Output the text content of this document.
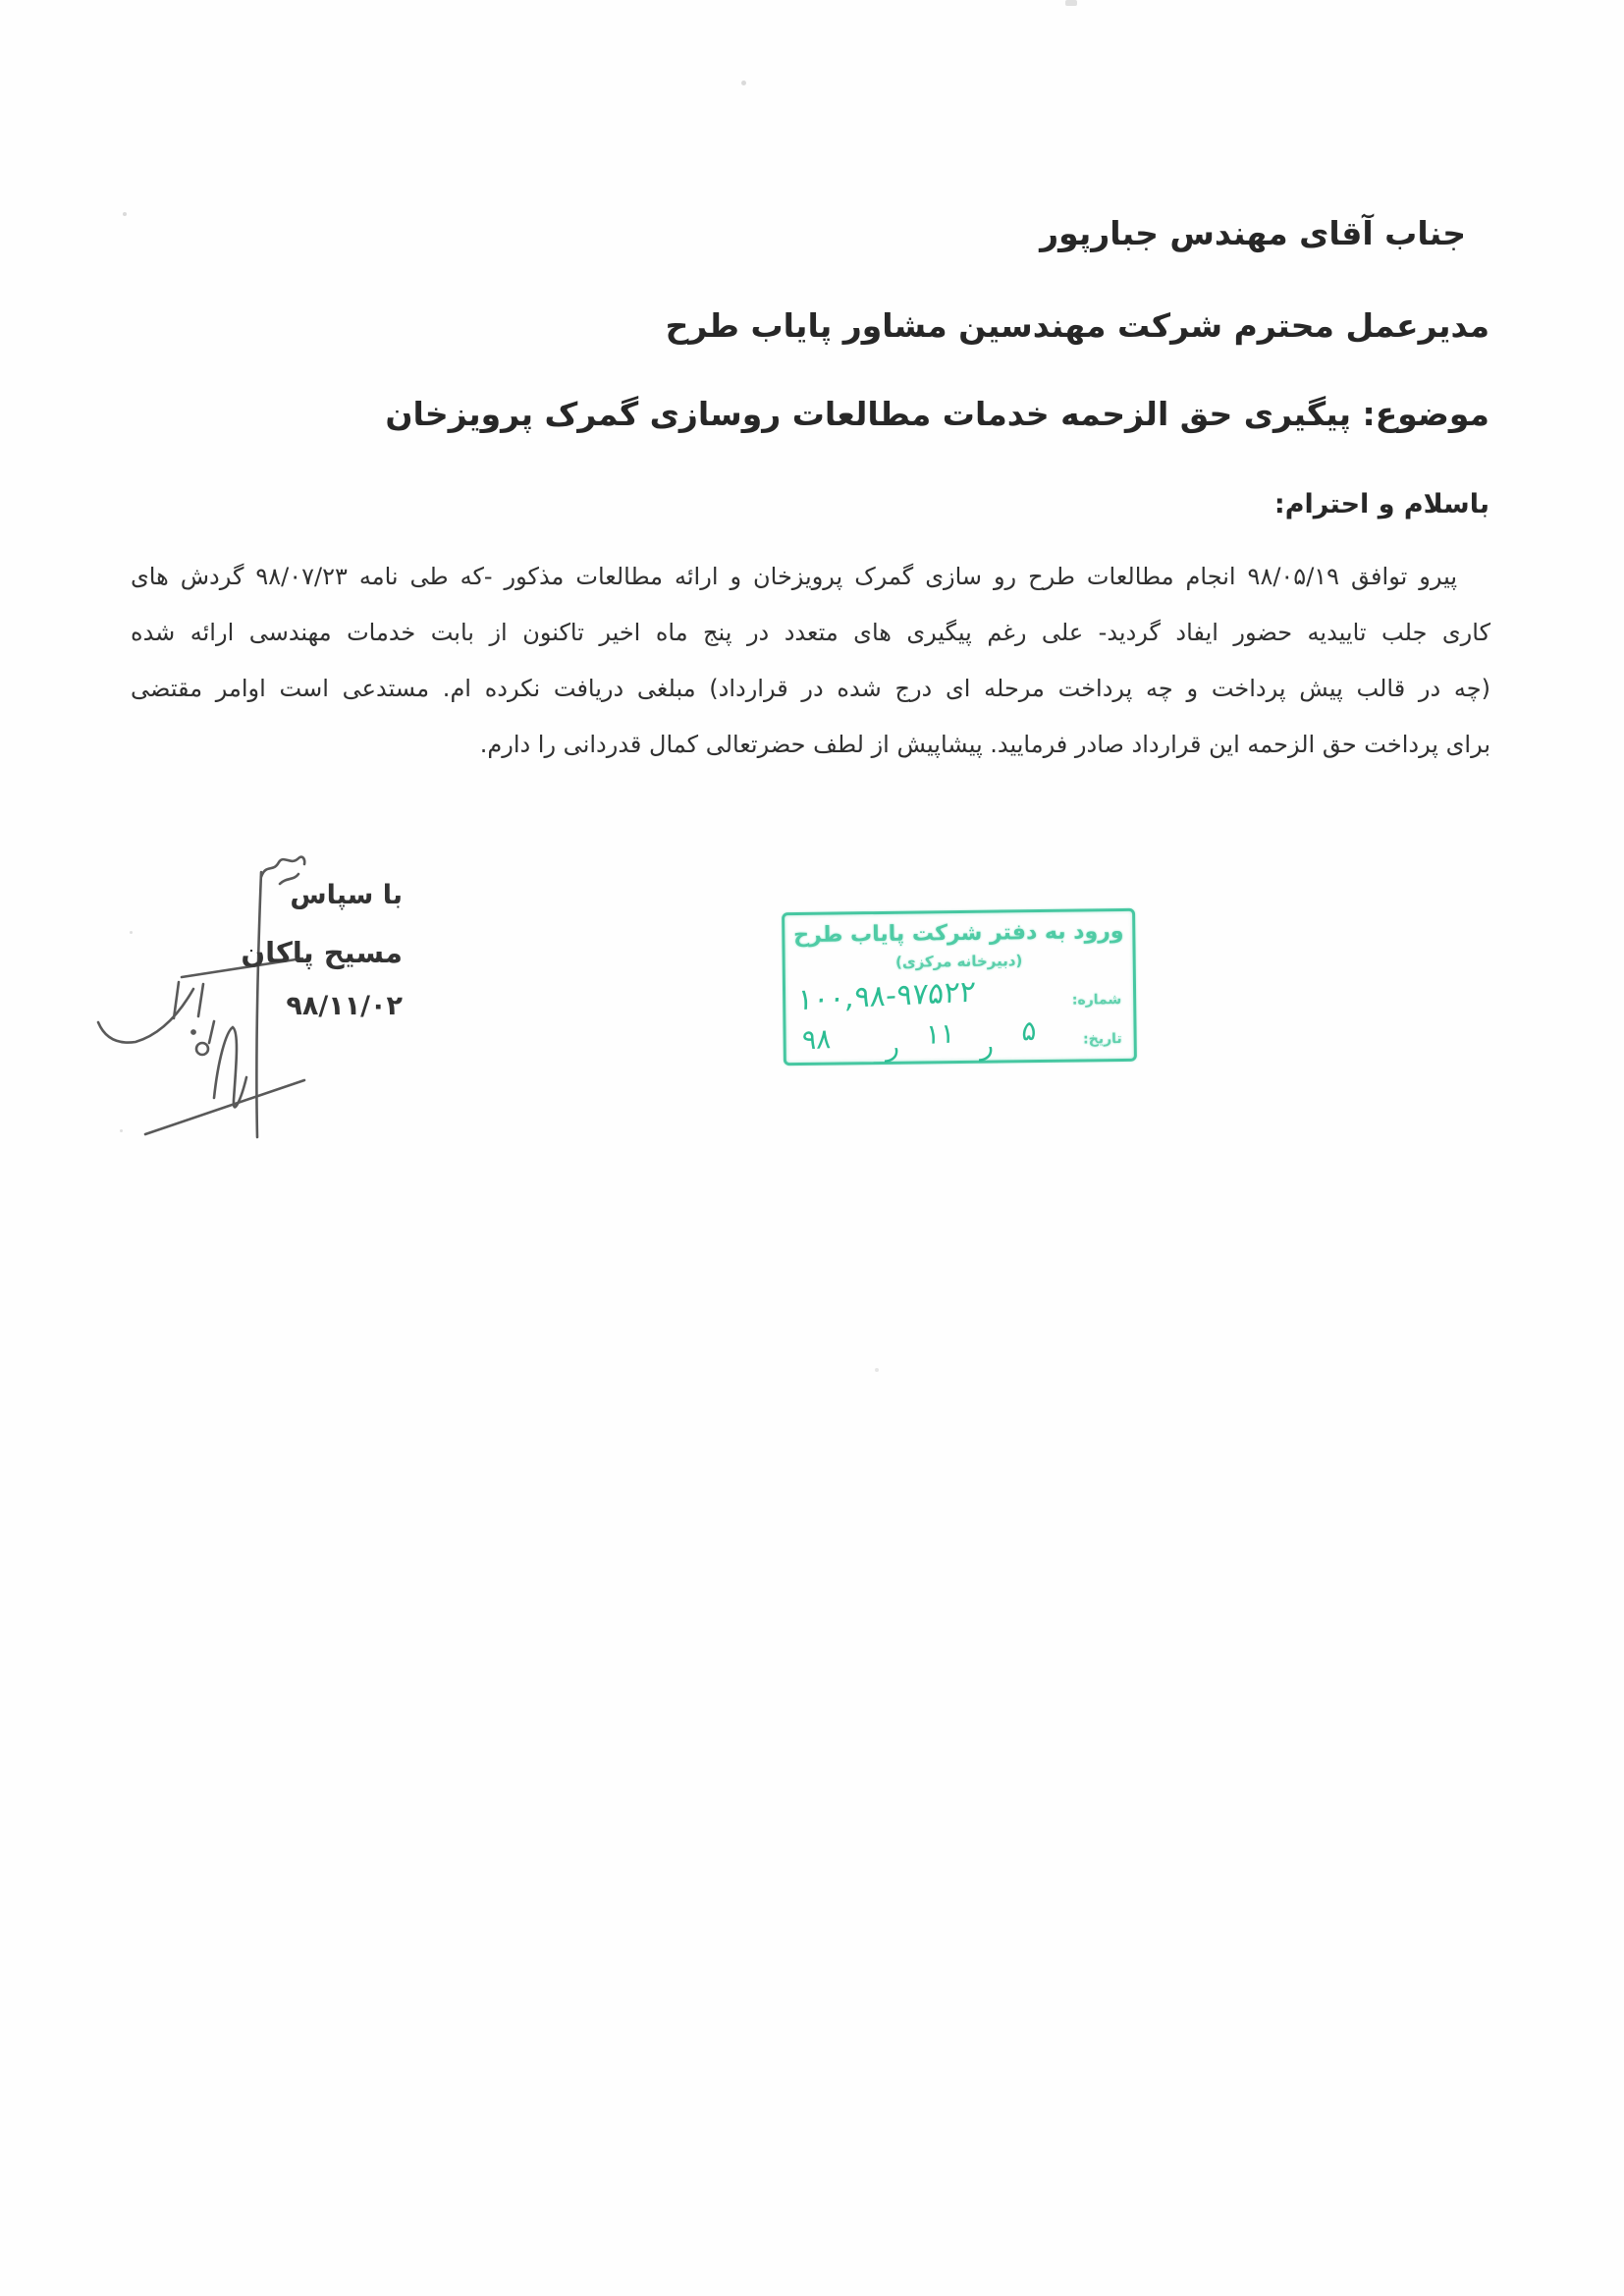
جناب آقای مهندس جبارپور
مدیرعمل محترم شرکت مهندسین مشاور پایاب طرح
موضوع: پیگیری حق الزحمه خدمات مطالعات روسازی گمرک پرویزخان
باسلام و احترام:
پیرو توافق ۹۸/۰۵/۱۹ انجام مطالعات طرح رو سازی گمرک پرویزخان و ارائه مطالعات مذکور -که طی نامه ۹۸/۰۷/۲۳ گردش های
کاری جلب تاییدیه حضور ایفاد گردید- علی رغم پیگیری های متعدد در پنج ماه اخیر تاکنون از بابت خدمات مهندسی ارائه شده
(چه در قالب پیش پرداخت و چه پرداخت مرحله ای درج شده در قرارداد) مبلغی دریافت نکرده ام. مستدعی است اوامر مقتضی
برای پرداخت حق الزحمه این قرارداد صادر فرمایید. پیشاپیش از لطف حضرتعالی کمال قدردانی را دارم.
با سپاس
مسیح پاکان
۹۸/۱۱/۰۲
ورود به دفتر شرکت پایاب طرح
(دبیرخانه مرکزی)
شماره:
۱۰۰,۹۸-۹۷۵۲۲
تاریخ:
۹۸ ر ۱۱ ر ۵
